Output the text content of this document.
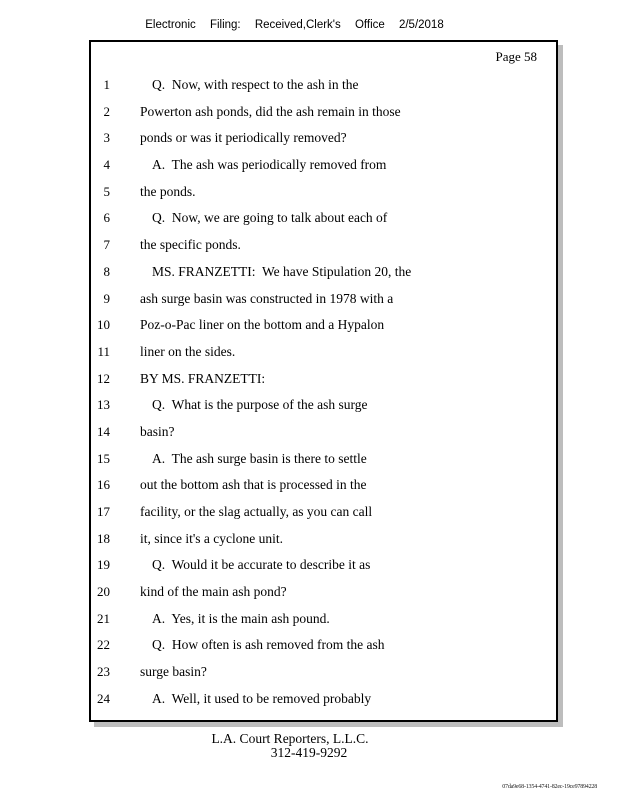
Electronic Filing: Received,Clerk's Office 2/5/2018
Page 58
1	Q.  Now, with respect to the ash in the
2 Powerton ash ponds, did the ash remain in those
3 ponds or was it periodically removed?
4	A.  The ash was periodically removed from
5 the ponds.
6	Q.  Now, we are going to talk about each of
7 the specific ponds.
8	MS. FRANZETTI:  We have Stipulation 20, the
9 ash surge basin was constructed in 1978 with a
10 Poz-o-Pac liner on the bottom and a Hypalon
11 liner on the sides.
12 BY MS. FRANZETTI:
13	Q.  What is the purpose of the ash surge
14 basin?
15	A.  The ash surge basin is there to settle
16 out the bottom ash that is processed in the
17 facility, or the slag actually, as you can call
18 it, since it's a cyclone unit.
19	Q.  Would it be accurate to describe it as
20 kind of the main ash pond?
21	A.  Yes, it is the main ash pound.
22	Q.  How often is ash removed from the ash
23 surge basin?
24	A.  Well, it used to be removed probably
L.A. Court Reporters, L.L.C.
312-419-9292
07da9e68-1354-4741-82ec-19ce97894228
